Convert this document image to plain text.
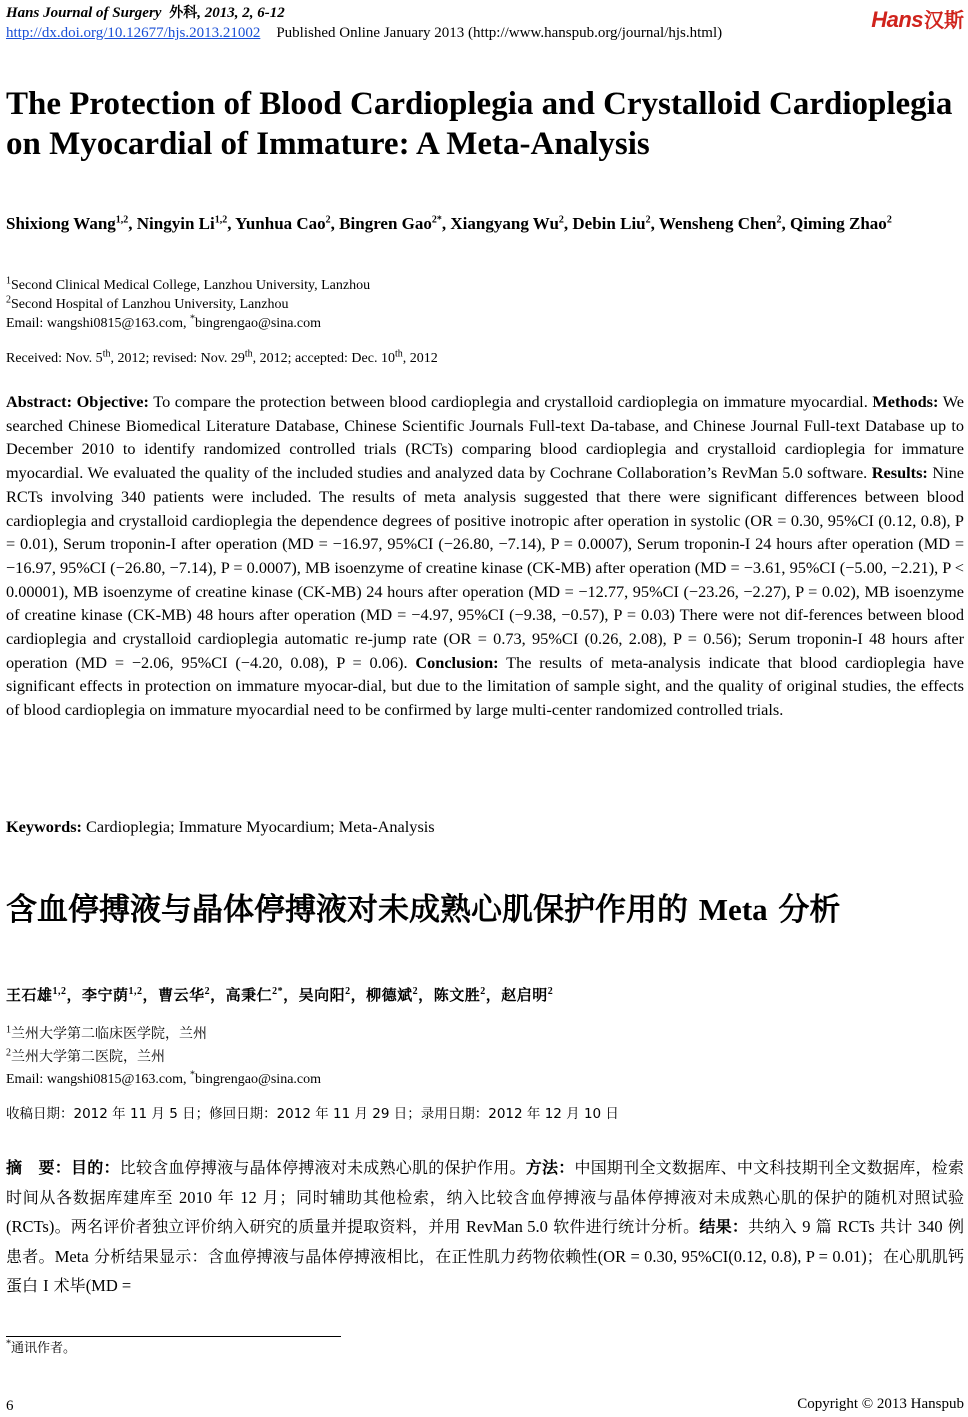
Hans Journal of Surgery 外科, 2013, 2, 6-12
http://dx.doi.org/10.12677/hjs.2013.21002 Published Online January 2013 (http://www.hanspub.org/journal/hjs.html)
Hans 汉斯
The Protection of Blood Cardioplegia and Crystalloid Cardioplegia on Myocardial of Immature: A Meta-Analysis
Shixiong Wang$^{1,2}$, Ningyin Li$^{1,2}$, Yunhua Cao$^2$, Bingren Gao$^{2*}$, Xiangyang Wu$^2$, Debin Liu$^2$, Wensheng Chen$^2$, Qiming Zhao$^2$
$^1$Second Clinical Medical College, Lanzhou University, Lanzhou
$^2$Second Hospital of Lanzhou University, Lanzhou
Email: wangshi0815@163.com, *bingrengao@sina.com
Received: Nov. 5th, 2012; revised: Nov. 29th, 2012; accepted: Dec. 10th, 2012
Abstract: Objective: To compare the protection between blood cardioplegia and crystalloid cardioplegia on immature myocardial. Methods: We searched Chinese Biomedical Literature Database, Chinese Scientific Journals Full-text Da-tabase, and Chinese Journal Full-text Database up to December 2010 to identify randomized controlled trials (RCTs) comparing blood cardioplegia and crystalloid cardioplegia for immature myocardial. We evaluated the quality of the included studies and analyzed data by Cochrane Collaboration’s RevMan 5.0 software. Results: Nine RCTs involving 340 patients were included. The results of meta analysis suggested that there were significant differences between blood cardioplegia and crystalloid cardioplegia the dependence degrees of positive inotropic after operation in systolic (OR = 0.30, 95%CI (0.12, 0.8), P = 0.01), Serum troponin-I after operation (MD = −16.97, 95%CI (−26.80, −7.14), P = 0.0007), Serum troponin-I 24 hours after operation (MD = −16.97, 95%CI (−26.80, −7.14), P = 0.0007), MB isoenzyme of creatine kinase (CK-MB) after operation (MD = −3.61, 95%CI (−5.00, −2.21), P < 0.00001), MB isoenzyme of creatine kinase (CK-MB) 24 hours after operation (MD = −12.77, 95%CI (−23.26, −2.27), P = 0.02), MB isoenzyme of creatine kinase (CK-MB) 48 hours after operation (MD = −4.97, 95%CI (−9.38, −0.57), P = 0.03) There were not dif-ferences between blood cardioplegia and crystalloid cardioplegia automatic re-jump rate (OR = 0.73, 95%CI (0.26, 2.08), P = 0.56); Serum troponin-I 48 hours after operation (MD = −2.06, 95%CI (−4.20, 0.08), P = 0.06). Conclusion: The results of meta-analysis indicate that blood cardioplegia have significant effects in protection on immature myocar-dial, but due to the limitation of sample sight, and the quality of original studies, the effects of blood cardioplegia on immature myocardial need to be confirmed by large multi-center randomized controlled trials.
Keywords: Cardioplegia; Immature Myocardium; Meta-Analysis
含血停搏液与晶体停搏液对未成熟心肌保护作用的 Meta 分析
王石雄$^{1,2}$，李宁荫$^{1,2}$，曹云华$^2$，高秉仁$^{2*}$，吴向阳$^2$，柳德斌$^2$，陈文胜$^2$，赵启明$^2$
$^1$兰州大学第二临床医学院，兰州
$^2$兰州大学第二医院，兰州
Email: wangshi0815@163.com, *bingrengao@sina.com
收稿日期：2012 年 11 月 5 日；修回日期：2012 年 11 月 29 日；录用日期：2012 年 12 月 10 日
摘　要：目的：比较含血停搏液与晶体停搏液对未成熟心肌的保护作用。方法：中国期刊全文数据库、中文科技期刊全文数据库，检索时间从各数据库建库至 2010 年 12 月；同时辅助其他检索，纳入比较含血停搏液与晶体停搏液对未成熟心肌的保护的随机对照试验(RCTs)。两名评价者独立评价纳入研究的质量并提取资料，并用 RevMan 5.0 软件进行统计分析。结果：共纳入 9 篇 RCTs 共计 340 例患者。Meta 分析结果显示：含血停搏液与晶体停搏液相比，在正性肌力药物依赖性(OR = 0.30, 95%CI(0.12, 0.8), P = 0.01)；在心肌肌钙蛋白 I 术毕(MD =
*通讯作者。
6	Copyright © 2013 Hanspub
